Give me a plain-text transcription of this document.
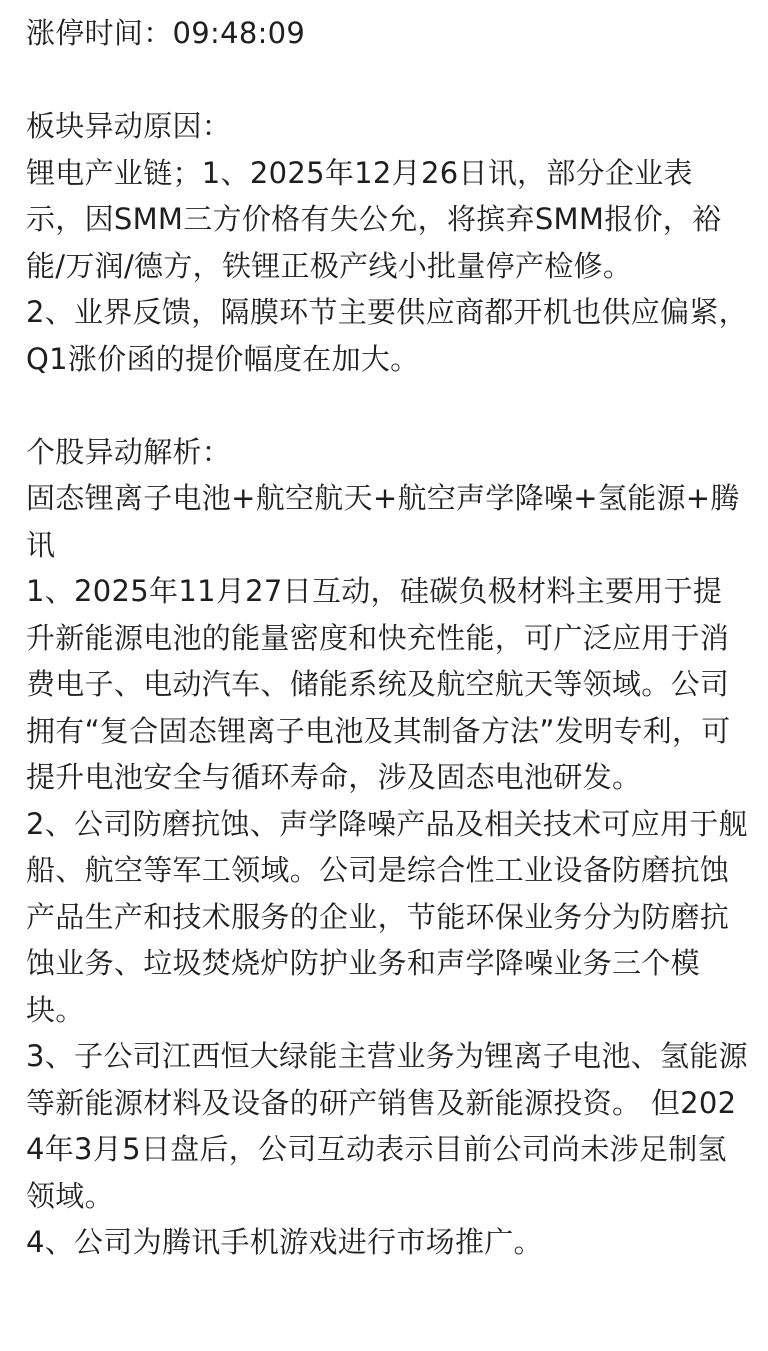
涨停时间：09:48:09

板块异动原因：

锂电产业链；1、2025年12月26日讯，部分企业表示，因SMM三方价格有失公允，将摈弃SMM报价，裕能/万润/德方，铁锂正极产线小批量停产检修。

2、业界反馈，隔膜环节主要供应商都开机也供应偏紧，Q1涨价函的提价幅度在加大。

个股异动解析：

固态锂离子电池+航空航天+航空声学降噪+氢能源+腾讯

1、2025年11月27日互动，硅碳负极材料主要用于提升新能源电池的能量密度和快充性能，可广泛应用于消费电子、电动汽车、储能系统及航空航天等领域。公司拥有“复合固态锂离子电池及其制备方法”发明专利，可提升电池安全与循环寿命，涉及固态电池研发。

2、公司防磨抗蚀、声学降噪产品及相关技术可应用于舰船、航空等军工领域。公司是综合性工业设备防磨抗蚀产品生产和技术服务的企业，节能环保业务分为防磨抗蚀业务、垃圾焚烧炉防护业务和声学降噪业务三个模块。

3、子公司江西恒大绿能主营业务为锂离子电池、氢能源等新能源材料及设备的研产销售及新能源投资。 但2024年3月5日盘后，公司互动表示目前公司尚未涉足制氢领域。

4、公司为腾讯手机游戏进行市场推广。
